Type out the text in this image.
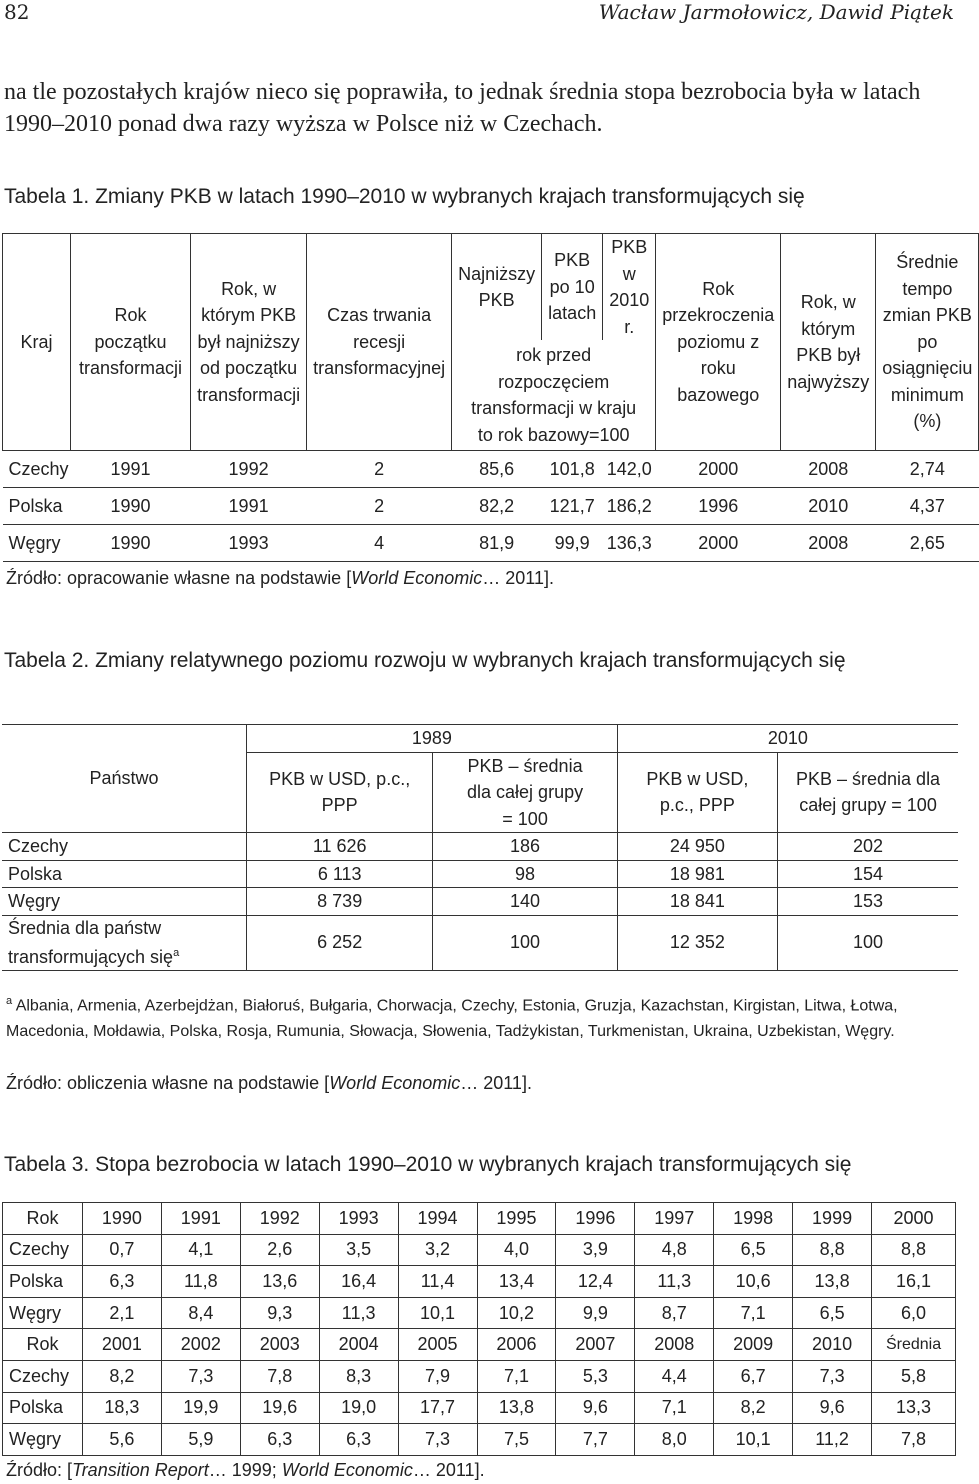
82	Wacław Jarmołowicz, Dawid Piątek
na tle pozostałych krajów nieco się poprawiła, to jednak średnia stopa bezrobocia była w latach 1990–2010 ponad dwa razy wyższa w Polsce niż w Czechach.
Tabela 1. Zmiany PKB w latach 1990–2010 w wybranych krajach transformujących się
Kraj	Rok początku transformacji	Rok, w którym PKB był najniższy od początku transformacji	Czas trwania recesji transformacyjnej	Najniższy PKB	PKB po 10 latach	PKB w 2010 r.	Rok przekroczenia poziomu z roku bazowego	Rok, w którym PKB był najwyższy	Średnie tempo zmian PKB po osiągnięciu minimum (%)
				rok przed rozpoczęciem transformacji w kraju to rok bazowy=100					
Czechy	1991	1992	2	85,6	101,8	142,0	2000	2008	2,74
Polska	1990	1991	2	82,2	121,7	186,2	1996	2010	4,37
Węgry	1990	1993	4	81,9	99,9	136,3	2000	2008	2,65
Źródło: opracowanie własne na podstawie [World Economic… 2011].
Tabela 2. Zmiany relatywnego poziomu rozwoju w wybranych krajach transformujących się
Państwo	1989		2010	
	PKB w USD, p.c., PPP	PKB – średnia dla całej grupy = 100	PKB w USD, p.c., PPP	PKB – średnia dla całej grupy = 100
Czechy	11 626	186	24 950	202
Polska	6 113	98	18 981	154
Węgry	8 739	140	18 841	153
Średnia dla państw
transformujących się$^a$	6 252	100	12 352	100
$^a$ Albania, Armenia, Azerbejdżan, Białoruś, Bułgaria, Chorwacja, Czechy, Estonia, Gruzja, Kazachstan, Kirgistan, Litwa, Łotwa, Macedonia, Mołdawia, Polska, Rosja, Rumunia, Słowacja, Słowenia, Tadżykistan, Turkmenistan, Ukraina, Uzbekistan, Węgry.
Źródło: obliczenia własne na podstawie [World Economic… 2011].
Tabela 3. Stopa bezrobocia w latach 1990–2010 w wybranych krajach transformujących się
Rok	1990	1991	1992	1993	1994	1995	1996	1997	1998	1999	2000
Czechy	0,7	4,1	2,6	3,5	3,2	4,0	3,9	4,8	6,5	8,8	8,8
Polska	6,3	11,8	13,6	16,4	11,4	13,4	12,4	11,3	10,6	13,8	16,1
Węgry	2,1	8,4	9,3	11,3	10,1	10,2	9,9	8,7	7,1	6,5	6,0
Rok	2001	2002	2003	2004	2005	2006	2007	2008	2009	2010	Średnia
Czechy	8,2	7,3	7,8	8,3	7,9	7,1	5,3	4,4	6,7	7,3	5,8
Polska	18,3	19,9	19,6	19,0	17,7	13,8	9,6	7,1	8,2	9,6	13,3
Węgry	5,6	5,9	6,3	6,3	7,3	7,5	7,7	8,0	10,1	11,2	7,8
Źródło: [Transition Report… 1999; World Economic… 2011].
